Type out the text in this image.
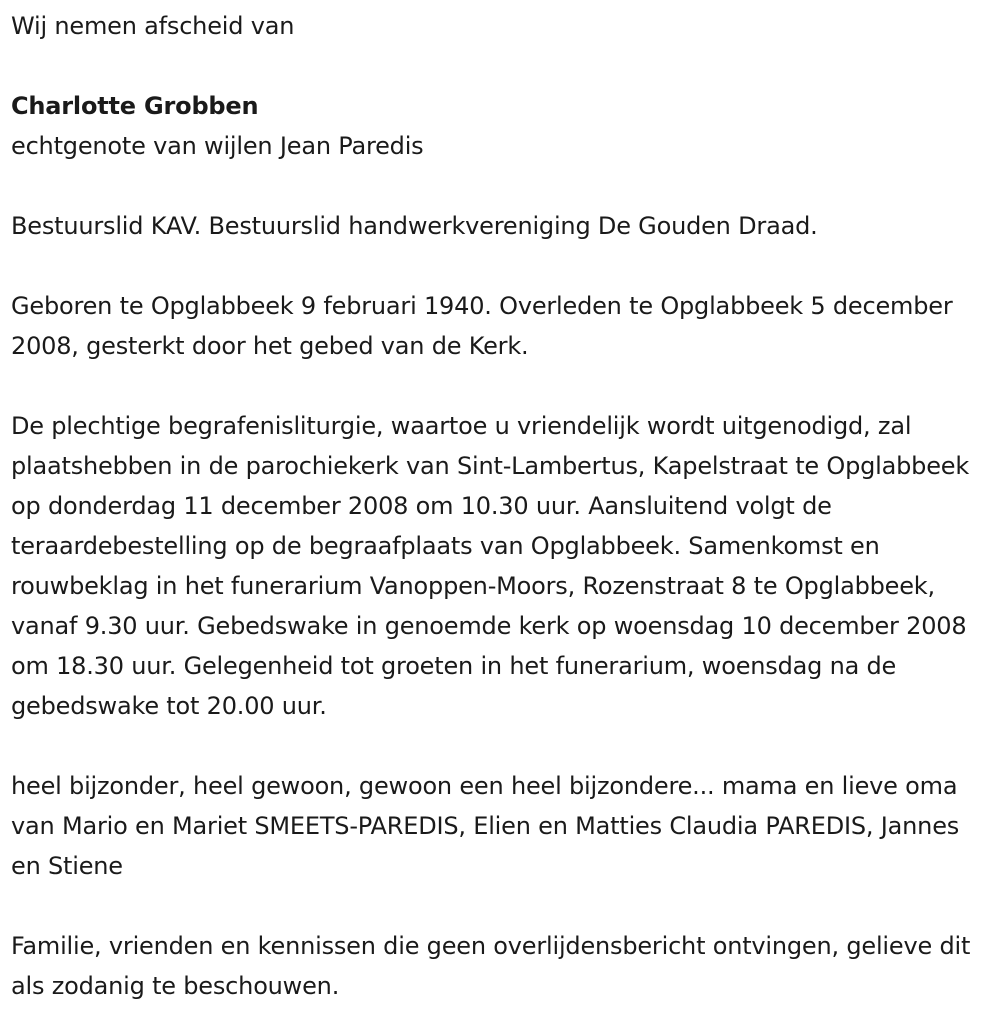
Wij nemen afscheid van

Charlotte Grobben

echtgenote van wijlen Jean Paredis

Bestuurslid KAV. Bestuurslid handwerkvereniging De Gouden Draad.

Geboren te Opglabbeek 9 februari 1940. Overleden te Opglabbeek 5 december 2008, gesterkt door het gebed van de Kerk.

De plechtige begrafenisliturgie, waartoe u vriendelijk wordt uitgenodigd, zal plaatshebben in de parochiekerk van Sint-Lambertus, Kapelstraat te Opglabbeek op donderdag 11 december 2008 om 10.30 uur. Aansluitend volgt de teraardebestelling op de begraafplaats van Opglabbeek. Samenkomst en rouwbeklag in het funerarium Vanoppen-Moors, Rozenstraat 8 te Opglabbeek, vanaf 9.30 uur. Gebedswake in genoemde kerk op woensdag 10 december 2008 om 18.30 uur. Gelegenheid tot groeten in het funerarium, woensdag na de gebedswake tot 20.00 uur.

heel bijzonder, heel gewoon, gewoon een heel bijzondere... mama en lieve oma van Mario en Mariet SMEETS-PAREDIS, Elien en Matties Claudia PAREDIS, Jannes en Stiene

Familie, vrienden en kennissen die geen overlijdensbericht ontvingen, gelieve dit als zodanig te beschouwen.
